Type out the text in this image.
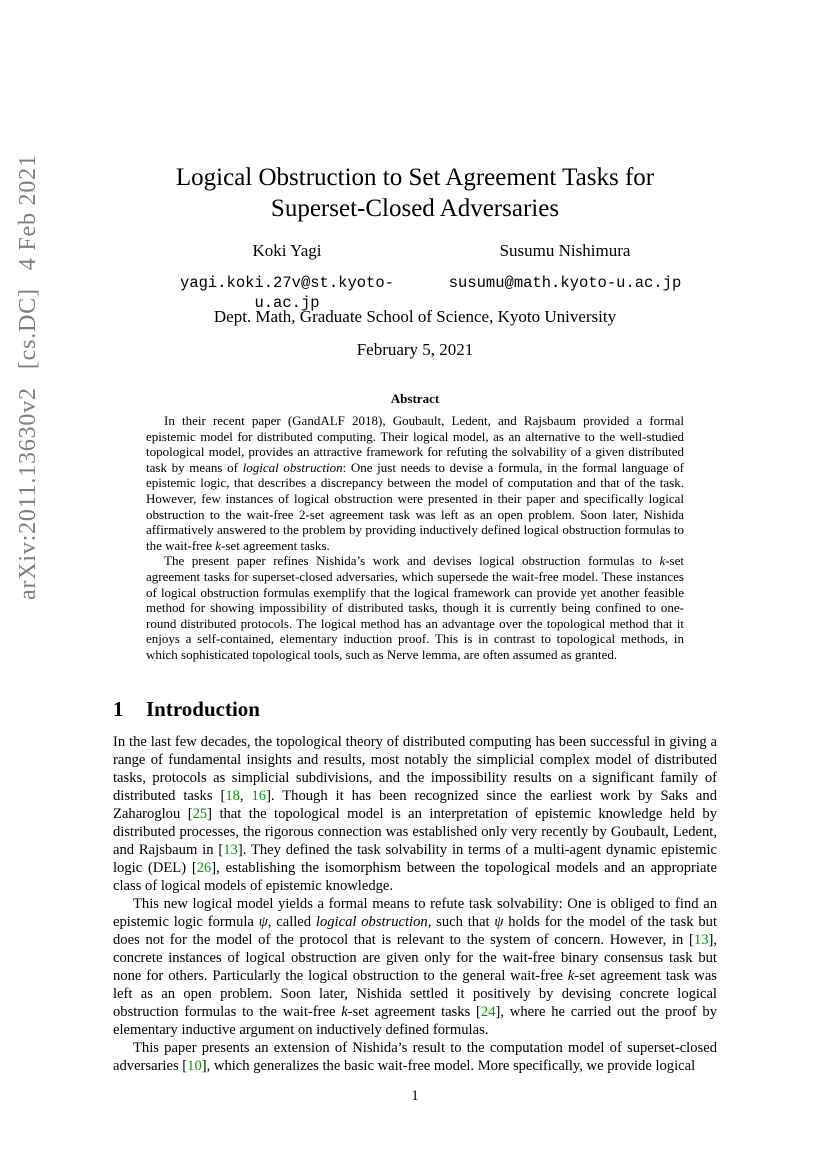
arXiv:2011.13630v2[cs.DC]4 Feb 2021	Logical Obstruction to Set Agreement Tasks for
Superset-Closed Adversaries
Koki Yagi
yagi.koki.27v@st.kyoto-u.ac.jp
Susumu Nishimura
susumu@math.kyoto-u.ac.jp
Dept. Math, Graduate School of Science, Kyoto University
February 5, 2021
Abstract

In their recent paper (GandALF 2018), Goubault, Ledent, and Rajsbaum provided a formal epistemic model for distributed computing. Their logical model, as an alternative to the well-studied topological model, provides an attractive framework for refuting the solvability of a given distributed task by means of logical obstruction: One just needs to devise a formula, in the formal language of epistemic logic, that describes a discrepancy between the model of computation and that of the task. However, few instances of logical obstruction were presented in their paper and specifically logical obstruction to the wait-free 2-set agreement task was left as an open problem. Soon later, Nishida affirmatively answered to the problem by providing inductively defined logical obstruction formulas to the wait-free k-set agreement tasks.

The present paper refines Nishida’s work and devises logical obstruction formulas to k-set agreement tasks for superset-closed adversaries, which supersede the wait-free model. These instances of logical obstruction formulas exemplify that the logical framework can provide yet another feasible method for showing impossibility of distributed tasks, though it is currently being confined to one-round distributed protocols. The logical method has an advantage over the topological method that it enjoys a self-contained, elementary induction proof. This is in contrast to topological methods, in which sophisticated topological tools, such as Nerve lemma, are often assumed as granted.

1 Introduction

In the last few decades, the topological theory of distributed computing has been successful in giving a range of fundamental insights and results, most notably the simplicial complex model of distributed tasks, protocols as simplicial subdivisions, and the impossibility results on a significant family of distributed tasks [18, 16]. Though it has been recognized since the earliest work by Saks and Zaharoglou [25] that the topological model is an interpretation of epistemic knowledge held by distributed processes, the rigorous connection was established only very recently by Goubault, Ledent, and Rajsbaum in [13]. They defined the task solvability in terms of a multi-agent dynamic epistemic logic (DEL) [26], establishing the isomorphism between the topological models and an appropriate class of logical models of epistemic knowledge.

This new logical model yields a formal means to refute task solvability: One is obliged to find an epistemic logic formula ψ, called logical obstruction, such that ψ holds for the model of the task but does not for the model of the protocol that is relevant to the system of concern. However, in [13], concrete instances of logical obstruction are given only for the wait-free binary consensus task but none for others. Particularly the logical obstruction to the general wait-free k-set agreement task was left as an open problem. Soon later, Nishida settled it positively by devising concrete logical obstruction formulas to the wait-free k-set agreement tasks [24], where he carried out the proof by elementary inductive argument on inductively defined formulas.

This paper presents an extension of Nishida’s result to the computation model of superset-closed adversaries [10], which generalizes the basic wait-free model. More specifically, we provide logical

1
